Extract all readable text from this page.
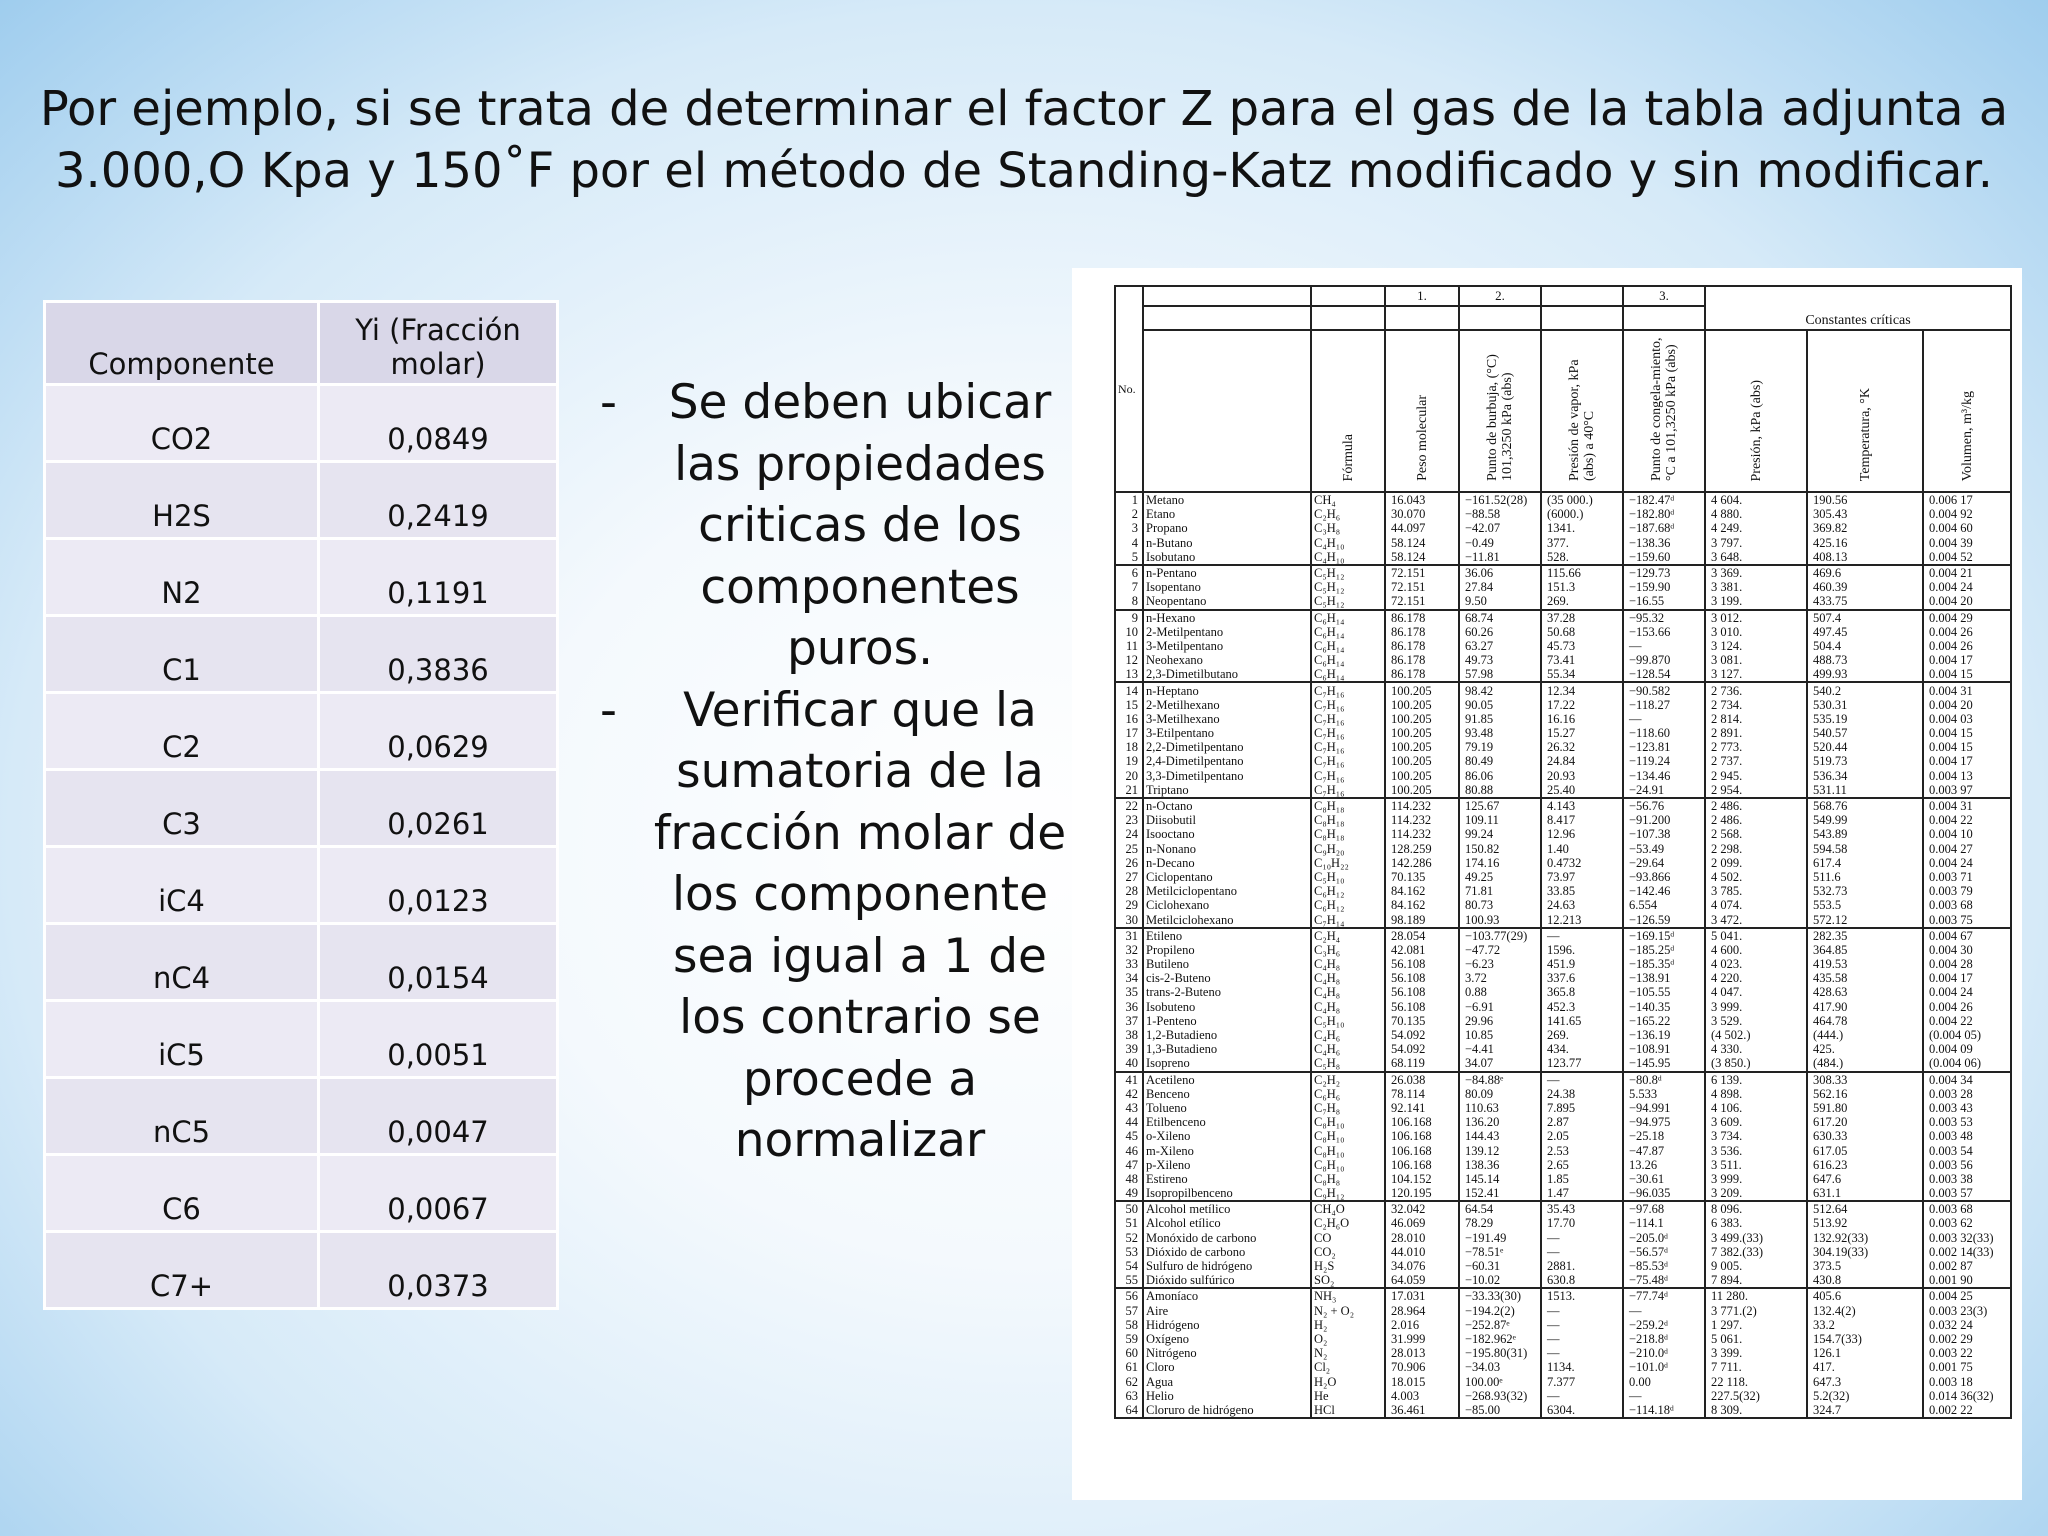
Por ejemplo, si se trata de determinar el factor Z para el gas de la tabla adjunta a 3.000,O Kpa y 150˚F por el método de Standing-Katz modificado y sin modificar.
Componente	Yi (Fracción molar)
CO2	0,0849
H2S	0,2419
N2	0,1191
C1	0,3836
C2	0,0629
C3	0,0261
iC4	0,0123
nC4	0,0154
iC5	0,0051
nC5	0,0047
C6	0,0067
C7+	0,0373
- Se deben ubicar las propiedades criticas de los componentes puros.
- Verificar que la sumatoria de la fracción molar de los componente sea igual a 1 de los contrario se procede a normalizar
No.			1.	2.		3.	Constantes críticas		

		Fórmula	Peso molecular	Punto de burbuja, (°C) 101,3250 kPa (abs)	Presión de vapor, kPa (abs) a 40°C	Punto de congela-miento, °C a 101,3250 kPa (abs)	Presión, kPa (abs)	Temperatura, °K	Volumen, m³/kg
1	Metano	CH₄	16.043	−161.52(28)	(35 000.)	−182.47ᵈ	4 604.	190.56	0.006 17
2	Etano	C₂H₆	30.070	−88.58	(6000.)	−182.80ᵈ	4 880.	305.43	0.004 92
3	Propano	C₃H₈	44.097	−42.07	1341.	−187.68ᵈ	4 249.	369.82	0.004 60
4	n-Butano	C₄H₁₀	58.124	−0.49	377.	−138.36	3 797.	425.16	0.004 39
5	Isobutano	C₄H₁₀	58.124	−11.81	528.	−159.60	3 648.	408.13	0.004 52
6	n-Pentano	C₅H₁₂	72.151	36.06	115.66	−129.73	3 369.	469.6	0.004 21
7	Isopentano	C₅H₁₂	72.151	27.84	151.3	−159.90	3 381.	460.39	0.004 24
8	Neopentano	C₅H₁₂	72.151	9.50	269.	−16.55	3 199.	433.75	0.004 20
9	n-Hexano	C₆H₁₄	86.178	68.74	37.28	−95.32	3 012.	507.4	0.004 29
10	2-Metilpentano	C₆H₁₄	86.178	60.26	50.68	−153.66	3 010.	497.45	0.004 26
11	3-Metilpentano	C₆H₁₄	86.178	63.27	45.73	—	3 124.	504.4	0.004 26
12	Neohexano	C₆H₁₄	86.178	49.73	73.41	−99.870	3 081.	488.73	0.004 17
13	2,3-Dimetilbutano	C₆H₁₄	86.178	57.98	55.34	−128.54	3 127.	499.93	0.004 15
14	n-Heptano	C₇H₁₆	100.205	98.42	12.34	−90.582	2 736.	540.2	0.004 31
15	2-Metilhexano	C₇H₁₆	100.205	90.05	17.22	−118.27	2 734.	530.31	0.004 20
16	3-Metilhexano	C₇H₁₆	100.205	91.85	16.16	—	2 814.	535.19	0.004 03
17	3-Etilpentano	C₇H₁₆	100.205	93.48	15.27	−118.60	2 891.	540.57	0.004 15
18	2,2-Dimetilpentano	C₇H₁₆	100.205	79.19	26.32	−123.81	2 773.	520.44	0.004 15
19	2,4-Dimetilpentano	C₇H₁₆	100.205	80.49	24.84	−119.24	2 737.	519.73	0.004 17
20	3,3-Dimetilpentano	C₇H₁₆	100.205	86.06	20.93	−134.46	2 945.	536.34	0.004 13
21	Triptano	C₇H₁₆	100.205	80.88	25.40	−24.91	2 954.	531.11	0.003 97
22	n-Octano	C₈H₁₈	114.232	125.67	4.143	−56.76	2 486.	568.76	0.004 31
23	Diisobutil	C₈H₁₈	114.232	109.11	8.417	−91.200	2 486.	549.99	0.004 22
24	Isooctano	C₈H₁₈	114.232	99.24	12.96	−107.38	2 568.	543.89	0.004 10
25	n-Nonano	C₉H₂₀	128.259	150.82	1.40	−53.49	2 298.	594.58	0.004 27
26	n-Decano	C₁₀H₂₂	142.286	174.16	0.4732	−29.64	2 099.	617.4	0.004 24
27	Ciclopentano	C₅H₁₀	70.135	49.25	73.97	−93.866	4 502.	511.6	0.003 71
28	Metilciclopentano	C₆H₁₂	84.162	71.81	33.85	−142.46	3 785.	532.73	0.003 79
29	Ciclohexano	C₆H₁₂	84.162	80.73	24.63	6.554	4 074.	553.5	0.003 68
30	Metilciclohexano	C₇H₁₄	98.189	100.93	12.213	−126.59	3 472.	572.12	0.003 75
31	Etileno	C₂H₄	28.054	−103.77(29)	—	−169.15ᵈ	5 041.	282.35	0.004 67
32	Propileno	C₃H₆	42.081	−47.72	1596.	−185.25ᵈ	4 600.	364.85	0.004 30
33	Butileno	C₄H₈	56.108	−6.23	451.9	−185.35ᵈ	4 023.	419.53	0.004 28
34	cis-2-Buteno	C₄H₈	56.108	3.72	337.6	−138.91	4 220.	435.58	0.004 17
35	trans-2-Buteno	C₄H₈	56.108	0.88	365.8	−105.55	4 047.	428.63	0.004 24
36	Isobuteno	C₄H₈	56.108	−6.91	452.3	−140.35	3 999.	417.90	0.004 26
37	1-Penteno	C₅H₁₀	70.135	29.96	141.65	−165.22	3 529.	464.78	0.004 22
38	1,2-Butadieno	C₄H₆	54.092	10.85	269.	−136.19	(4 502.)	(444.)	(0.004 05)
39	1,3-Butadieno	C₄H₆	54.092	−4.41	434.	−108.91	4 330.	425.	0.004 09
40	Isopreno	C₅H₈	68.119	34.07	123.77	−145.95	(3 850.)	(484.)	(0.004 06)
41	Acetileno	C₂H₂	26.038	−84.88ᵉ	—	−80.8ᵈ	6 139.	308.33	0.004 34
42	Benceno	C₆H₆	78.114	80.09	24.38	5.533	4 898.	562.16	0.003 28
43	Tolueno	C₇H₈	92.141	110.63	7.895	−94.991	4 106.	591.80	0.003 43
44	Etilbenceno	C₈H₁₀	106.168	136.20	2.87	−94.975	3 609.	617.20	0.003 53
45	o-Xileno	C₈H₁₀	106.168	144.43	2.05	−25.18	3 734.	630.33	0.003 48
46	m-Xileno	C₈H₁₀	106.168	139.12	2.53	−47.87	3 536.	617.05	0.003 54
47	p-Xileno	C₈H₁₀	106.168	138.36	2.65	13.26	3 511.	616.23	0.003 56
48	Estireno	C₈H₈	104.152	145.14	1.85	−30.61	3 999.	647.6	0.003 38
49	Isopropilbenceno	C₉H₁₂	120.195	152.41	1.47	−96.035	3 209.	631.1	0.003 57
50	Alcohol metílico	CH₄O	32.042	64.54	35.43	−97.68	8 096.	512.64	0.003 68
51	Alcohol etílico	C₂H₆O	46.069	78.29	17.70	−114.1	6 383.	513.92	0.003 62
52	Monóxido de carbono	CO	28.010	−191.49	—	−205.0ᵈ	3 499.(33)	132.92(33)	0.003 32(33)
53	Dióxido de carbono	CO₂	44.010	−78.51ᵉ	—	−56.57ᵈ	7 382.(33)	304.19(33)	0.002 14(33)
54	Sulfuro de hidrógeno	H₂S	34.076	−60.31	2881.	−85.53ᵈ	9 005.	373.5	0.002 87
55	Dióxido sulfúrico	SO₂	64.059	−10.02	630.8	−75.48ᵈ	7 894.	430.8	0.001 90
56	Amoníaco	NH₃	17.031	−33.33(30)	1513.	−77.74ᵈ	11 280.	405.6	0.004 25
57	Aire	N₂ + O₂	28.964	−194.2(2)	—	—	3 771.(2)	132.4(2)	0.003 23(3)
58	Hidrógeno	H₂	2.016	−252.87ᵉ	—	−259.2ᵈ	1 297.	33.2	0.032 24
59	Oxígeno	O₂	31.999	−182.962ᵉ	—	−218.8ᵈ	5 061.	154.7(33)	0.002 29
60	Nitrógeno	N₂	28.013	−195.80(31)	—	−210.0ᵈ	3 399.	126.1	0.003 22
61	Cloro	Cl₂	70.906	−34.03	1134.	−101.0ᵈ	7 711.	417.	0.001 75
62	Agua	H₂O	18.015	100.00ᵉ	7.377	0.00	22 118.	647.3	0.003 18
63	Helio	He	4.003	−268.93(32)	—	—	227.5(32)	5.2(32)	0.014 36(32)
64	Cloruro de hidrógeno	HCl	36.461	−85.00	6304.	−114.18ᵈ	8 309.	324.7	0.002 22
